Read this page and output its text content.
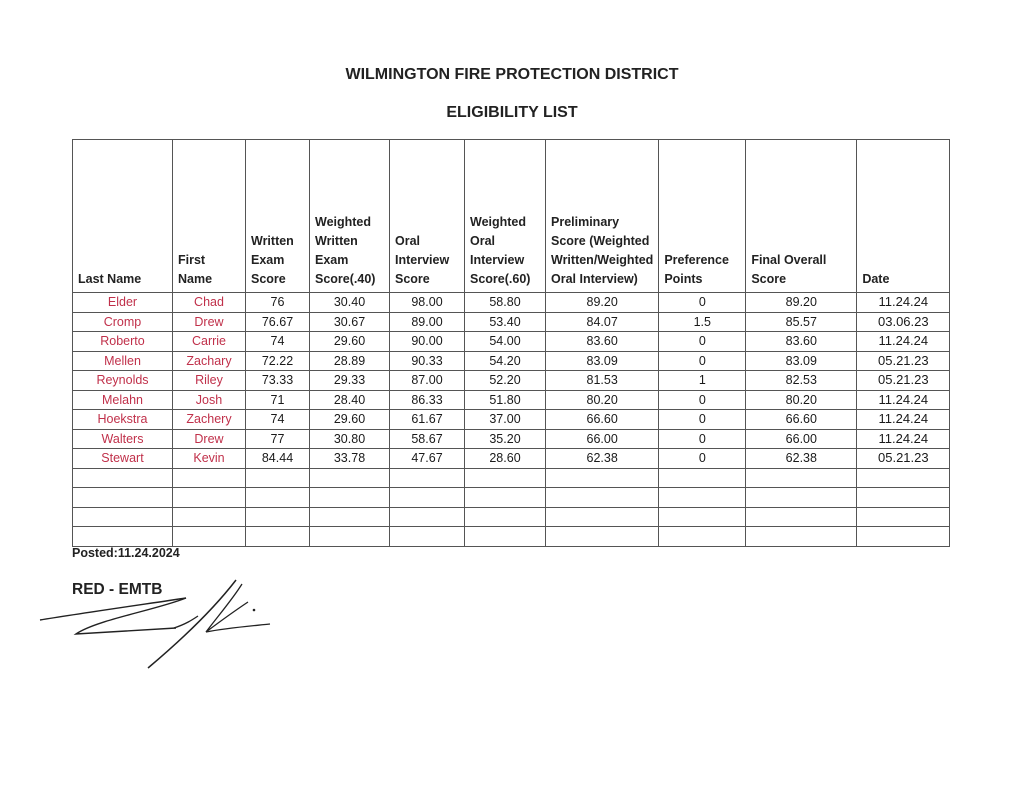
WILMINGTON FIRE PROTECTION DISTRICT
ELIGIBILITY LIST
Last Name	First Name	Written Exam Score	Weighted Written Exam Score(.40)	Oral Interview Score	Weighted Oral Interview Score(.60)	Preliminary Score (Weighted Written/Weighted Oral Interview)	Preference Points	Final Overall Score	Date
Elder	Chad	76	30.40	98.00	58.80	89.20	0	89.20	11.24.24
Cromp	Drew	76.67	30.67	89.00	53.40	84.07	1.5	85.57	03.06.23
Roberto	Carrie	74	29.60	90.00	54.00	83.60	0	83.60	11.24.24
Mellen	Zachary	72.22	28.89	90.33	54.20	83.09	0	83.09	05.21.23
Reynolds	Riley	73.33	29.33	87.00	52.20	81.53	1	82.53	05.21.23
Melahn	Josh	71	28.40	86.33	51.80	80.20	0	80.20	11.24.24
Hoekstra	Zachery	74	29.60	61.67	37.00	66.60	0	66.60	11.24.24
Walters	Drew	77	30.80	58.67	35.20	66.00	0	66.00	11.24.24
Stewart	Kevin	84.44	33.78	47.67	28.60	62.38	0	62.38	05.21.23

Posted:11.24.2024
RED - EMTB
